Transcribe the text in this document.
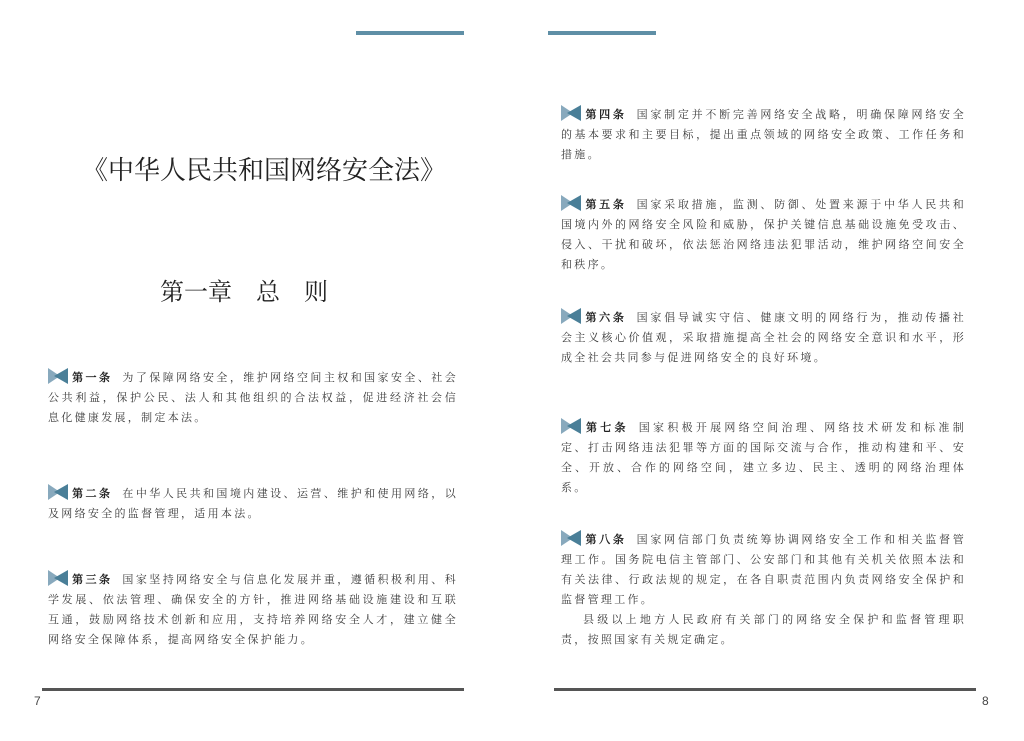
《中华人民共和国网络安全法》
第一章　总　则
第一条 为了保障网络安全，维护网络空间主权和国家安全、社会公共利益，保护公民、法人和其他组织的合法权益，促进经济社会信息化健康发展，制定本法。
第二条 在中华人民共和国境内建设、运营、维护和使用网络，以及网络安全的监督管理，适用本法。
第三条 国家坚持网络安全与信息化发展并重，遵循积极利用、科学发展、依法管理、确保安全的方针，推进网络基础设施建设和互联互通，鼓励网络技术创新和应用，支持培养网络安全人才，建立健全网络安全保障体系，提高网络安全保护能力。
第四条 国家制定并不断完善网络安全战略，明确保障网络安全的基本要求和主要目标，提出重点领域的网络安全政策、工作任务和措施。
第五条 国家采取措施，监测、防御、处置来源于中华人民共和国境内外的网络安全风险和威胁，保护关键信息基础设施免受攻击、侵入、干扰和破坏，依法惩治网络违法犯罪活动，维护网络空间安全和秩序。
第六条 国家倡导诚实守信、健康文明的网络行为，推动传播社会主义核心价值观，采取措施提高全社会的网络安全意识和水平，形成全社会共同参与促进网络安全的良好环境。
第七条 国家积极开展网络空间治理、网络技术研发和标准制定、打击网络违法犯罪等方面的国际交流与合作，推动构建和平、安全、开放、合作的网络空间，建立多边、民主、透明的网络治理体系。
第八条 国家网信部门负责统筹协调网络安全工作和相关监督管理工作。国务院电信主管部门、公安部门和其他有关机关依照本法和有关法律、行政法规的规定，在各自职责范围内负责网络安全保护和监督管理工作。
县级以上地方人民政府有关部门的网络安全保护和监督管理职责，按照国家有关规定确定。
7	8
